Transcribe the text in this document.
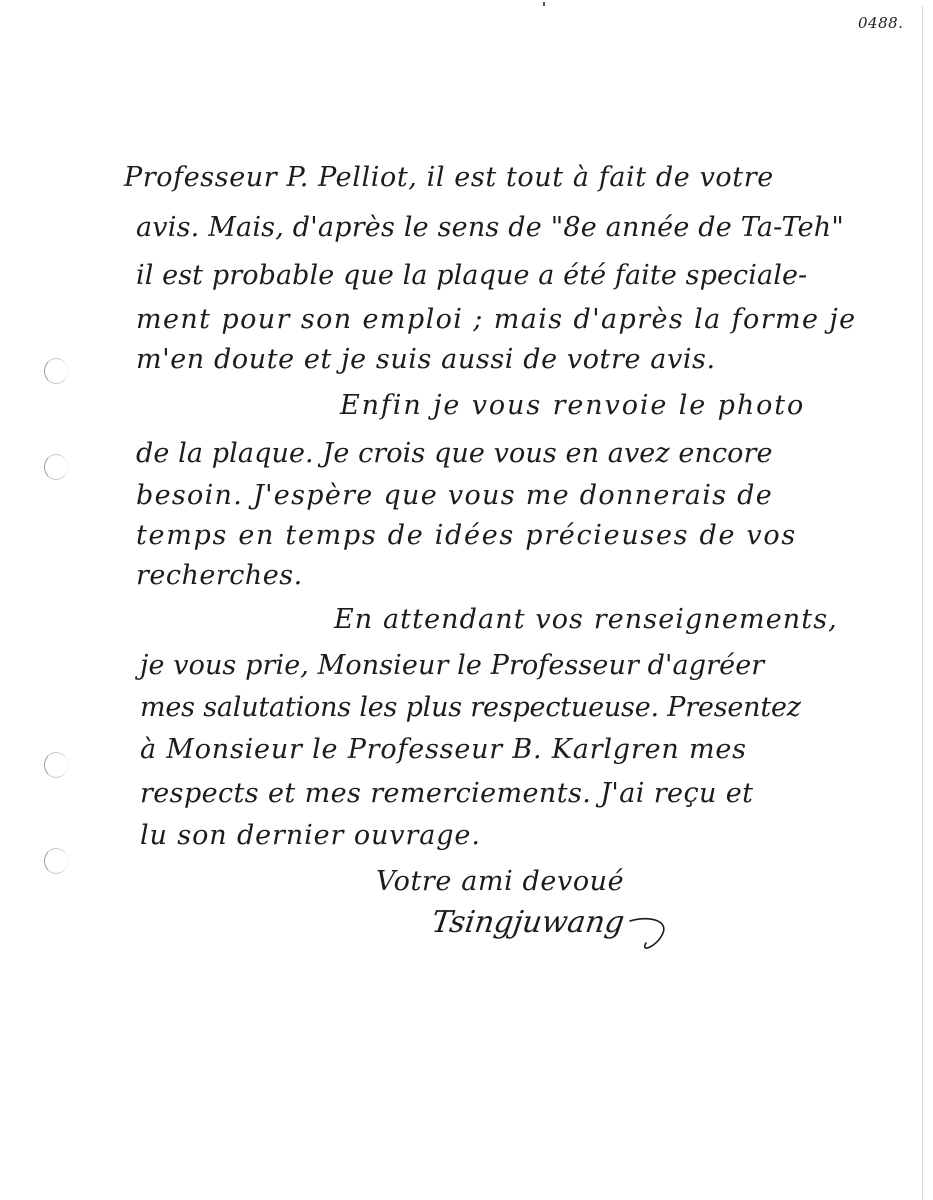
0488.
Professeur P. Pelliot, il est tout à fait de votre
avis. Mais, d'après le sens de "8e année de Ta-Teh"
il est probable que la plaque a été faite speciale-
ment pour son emploi ; mais d'après la forme je
m'en doute et je suis aussi de votre avis.
Enfin je vous renvoie le photo
de la plaque. Je crois que vous en avez encore
besoin. J'espère que vous me donnerais de
temps en temps de idées précieuses de vos
recherches.
En attendant vos renseignements,
je vous prie, Monsieur le Professeur d'agréer
mes salutations les plus respectueuse. Presentez
à Monsieur le Professeur B. Karlgren mes
respects et mes remerciements. J'ai reçu et
lu son dernier ouvrage.
Votre ami devoué
Tsingjuwang
